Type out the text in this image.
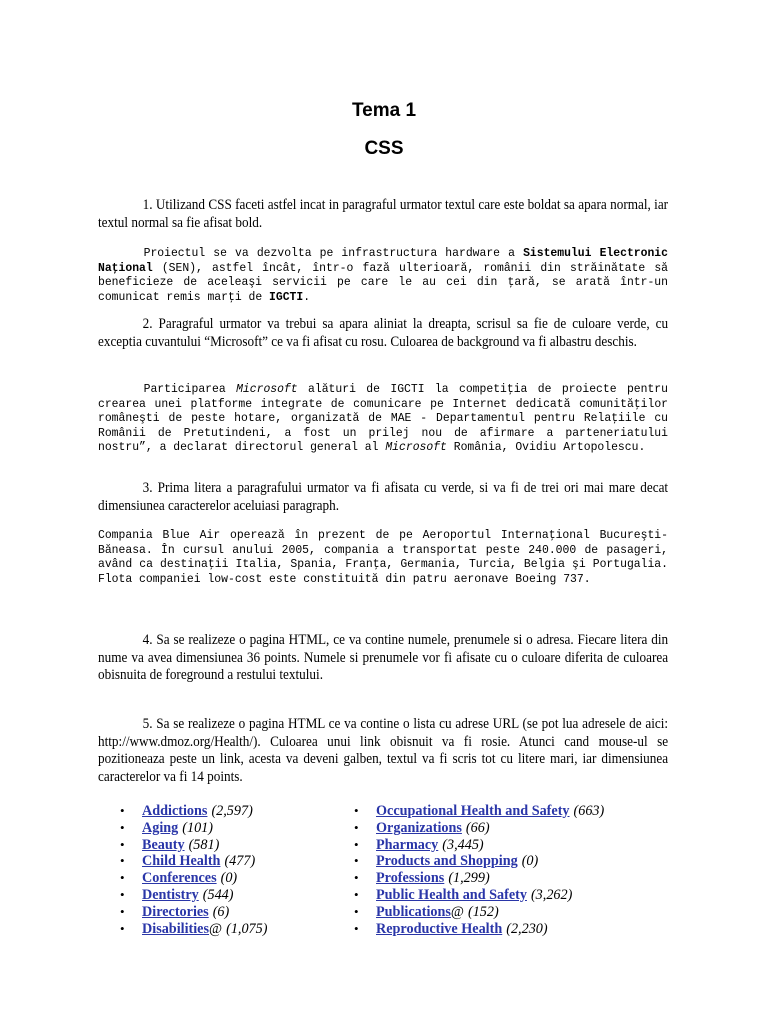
Tema 1
CSS

1. Utilizand CSS faceti astfel incat in paragraful urmator textul care este boldat sa apara normal, iar textul normal sa fie afisat bold.

Proiectul se va dezvolta pe infrastructura hardware a Sistemului Electronic Naţional (SEN), astfel încât, într-o fază ulterioară, românii din străinătate să beneficieze de aceleaşi servicii pe care le au cei din ţară, se arată într-un comunicat remis marţi de IGCTI.

2. Paragraful urmator va trebui sa apara aliniat la dreapta, scrisul sa fie de culoare verde, cu exceptia cuvantului “Microsoft” ce va fi afisat cu rosu. Culoarea de background va fi albastru deschis.

Participarea Microsoft alături de IGCTI la competiţia de proiecte pentru crearea unei platforme integrate de comunicare pe Internet dedicată comunităţilor româneşti de peste hotare, organizată de MAE - Departamentul pentru Relaţiile cu Românii de Pretutindeni, a fost un prilej nou de afirmare a parteneriatului nostru”, a declarat directorul general al Microsoft România, Ovidiu Artopolescu.

3. Prima litera a paragrafului urmator va fi afisata cu verde, si va fi de trei ori mai mare decat dimensiunea caracterelor aceluiasi paragraph.

Compania Blue Air operează în prezent de pe Aeroportul Internaţional Bucureşti-Băneasa. În cursul anului 2005, compania a transportat peste 240.000 de pasageri, având ca destinaţii Italia, Spania, Franţa, Germania, Turcia, Belgia şi Portugalia. Flota companiei low-cost este constituită din patru aeronave Boeing 737.

4. Sa se realizeze o pagina HTML, ce va contine numele, prenumele si o adresa. Fiecare litera din nume va avea dimensiunea 36 points. Numele si prenumele vor fi afisate cu o culoare diferita de culoarea obisnuita de foreground a restului textului.

5. Sa se realizeze o pagina HTML ce va contine o lista cu adrese URL (se pot lua adresele de aici: http://www.dmoz.org/Health/). Culoarea unui link obisnuit va fi rosie. Atunci cand mouse-ul se pozitioneaza peste un link, acesta va deveni galben, textul va fi scris tot cu litere mari, iar dimensiunea caracterelor va fi 14 points.

• Addictions (2,597)
• Aging (101)
• Beauty (581)
• Child Health (477)
• Conferences (0)
• Dentistry (544)
• Directories (6)
• Disabilities@ (1,075)
• Occupational Health and Safety (663)
• Organizations (66)
• Pharmacy (3,445)
• Products and Shopping (0)
• Professions (1,299)
• Public Health and Safety (3,262)
• Publications@ (152)
• Reproductive Health (2,230)
